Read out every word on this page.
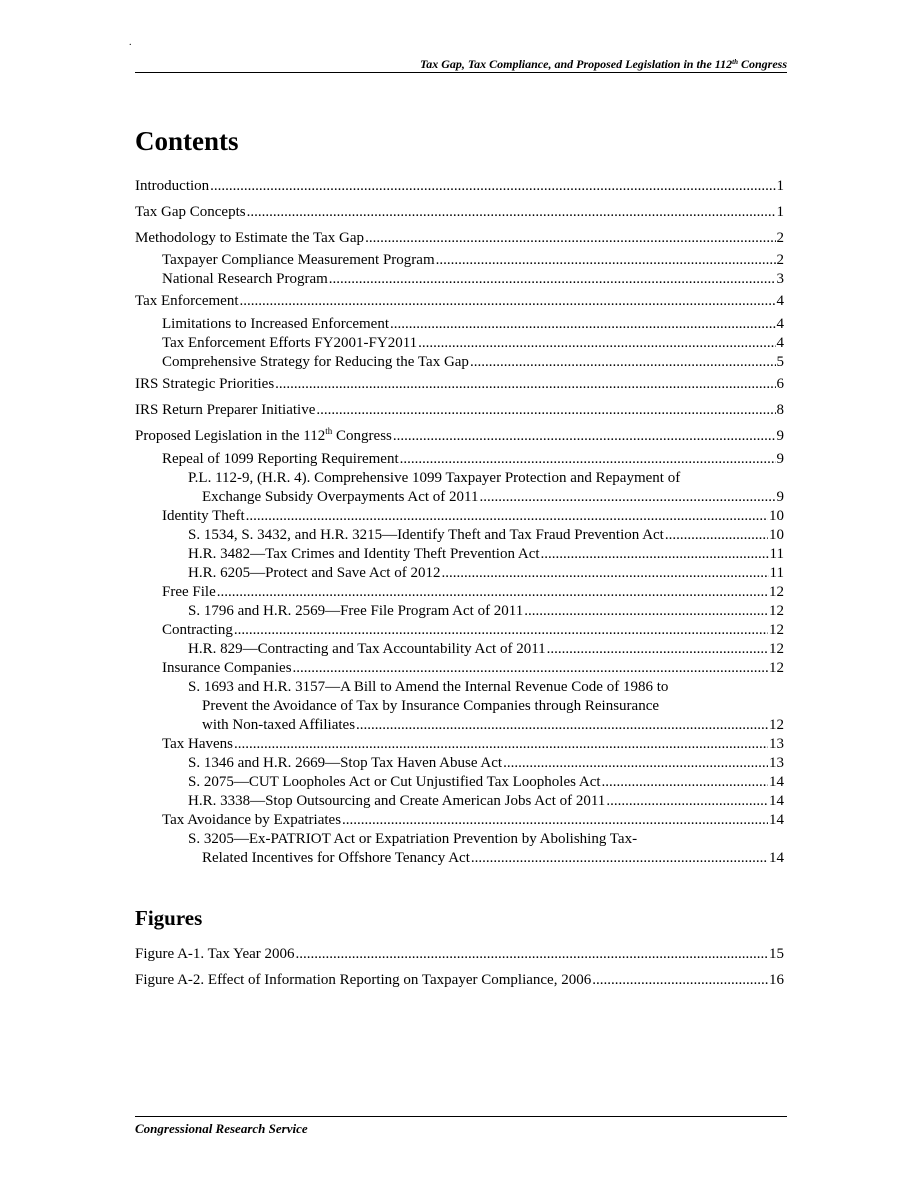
.
Tax Gap, Tax Compliance, and Proposed Legislation in the 112th Congress
Contents
Introduction .....	1
Tax Gap Concepts .....	1
Methodology to Estimate the Tax Gap .....	2
Taxpayer Compliance Measurement Program .....	2
National Research Program .....	3
Tax Enforcement .....	4
Limitations to Increased Enforcement .....	4
Tax Enforcement Efforts FY2001-FY2011 .....	4
Comprehensive Strategy for Reducing the Tax Gap .....	5
IRS Strategic Priorities .....	6
IRS Return Preparer Initiative .....	8
Proposed Legislation in the 112th Congress .....	9
Repeal of 1099 Reporting Requirement .....	9
P.L. 112-9, (H.R. 4). Comprehensive 1099 Taxpayer Protection and Repayment of
Exchange Subsidy Overpayments Act of 2011 .....	9
Identity Theft .....	10
S. 1534, S. 3432, and H.R. 3215—Identify Theft and Tax Fraud Prevention Act .....	10
H.R. 3482—Tax Crimes and Identity Theft Prevention Act .....	11
H.R. 6205—Protect and Save Act of 2012 .....	11
Free File .....	12
S. 1796 and H.R. 2569—Free File Program Act of 2011 .....	12
Contracting .....	12
H.R. 829—Contracting and Tax Accountability Act of 2011 .....	12
Insurance Companies .....	12
S. 1693 and H.R. 3157—A Bill to Amend the Internal Revenue Code of 1986 to
Prevent the Avoidance of Tax by Insurance Companies through Reinsurance
with Non-taxed Affiliates .....	12
Tax Havens .....	13
S. 1346 and H.R. 2669—Stop Tax Haven Abuse Act .....	13
S. 2075—CUT Loopholes Act or Cut Unjustified Tax Loopholes Act .....	14
H.R. 3338—Stop Outsourcing and Create American Jobs Act of 2011 .....	14
Tax Avoidance by Expatriates .....	14
S. 3205—Ex-PATRIOT Act or Expatriation Prevention by Abolishing Tax-
Related Incentives for Offshore Tenancy Act .....	14
Figures
Figure A-1. Tax Year 2006 .....	15
Figure A-2. Effect of Information Reporting on Taxpayer Compliance, 2006 .....	16
Congressional Research Service
